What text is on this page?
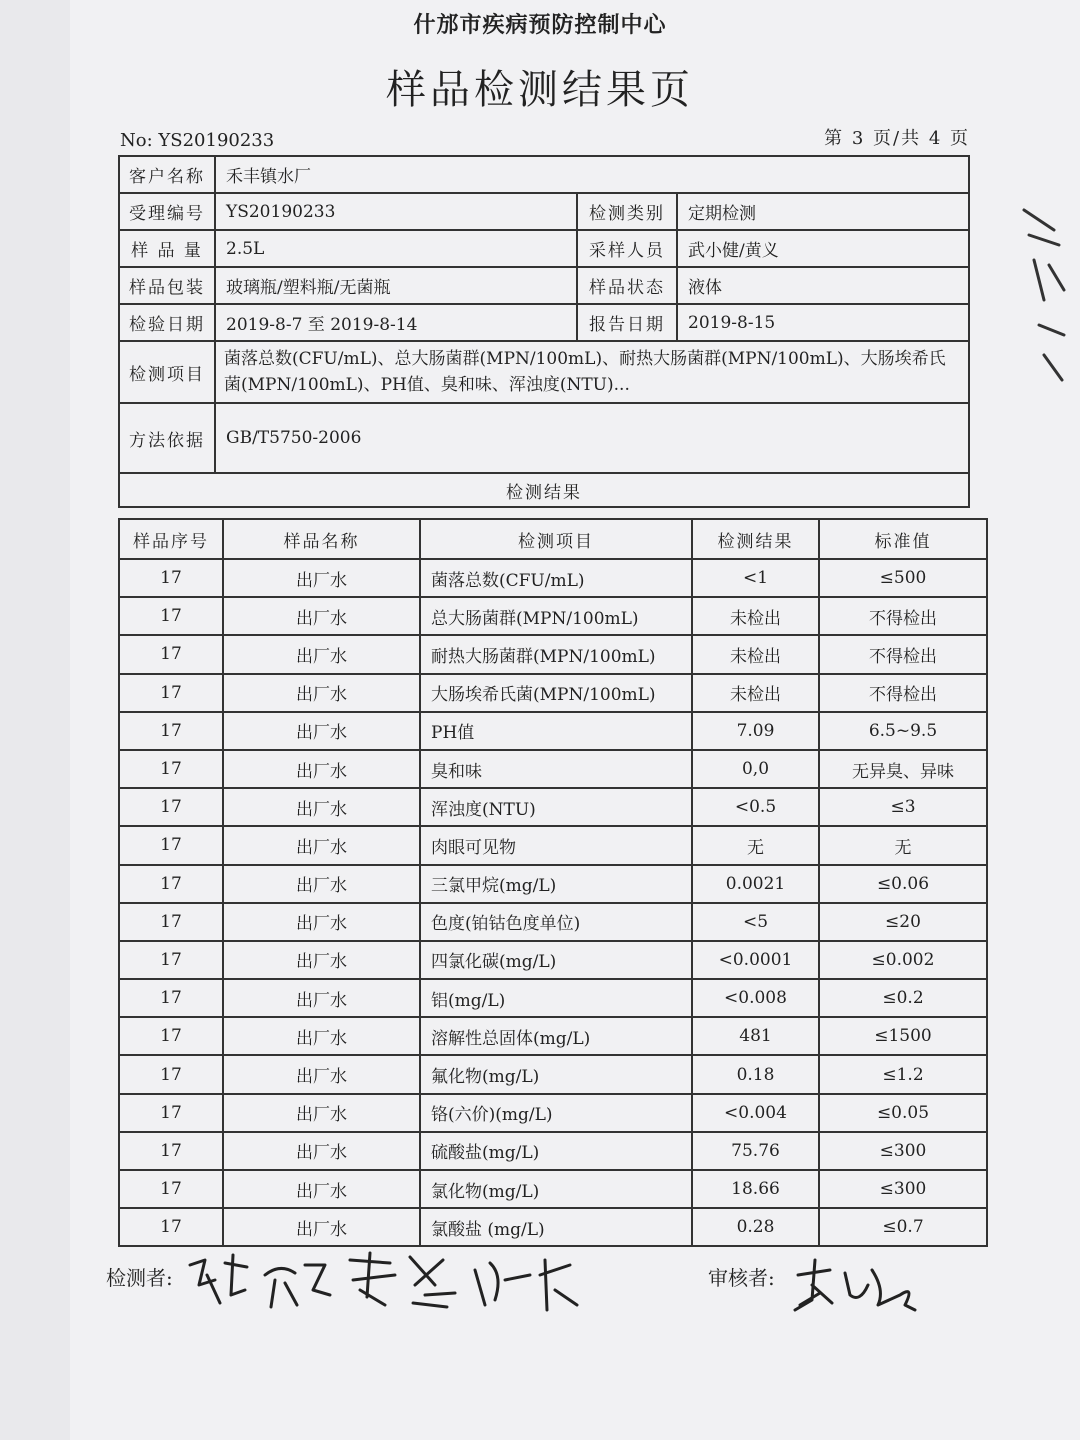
什邡市疾病预防控制中心
样品检测结果页
No: YS20190233	第 3 页/共 4 页
客户名称	禾丰镇水厂		
受理编号	YS20190233	检测类别	定期检测
样 品 量	2.5L	采样人员	武小健/黄义
样品包装	玻璃瓶/塑料瓶/无菌瓶	样品状态	液体
检验日期	2019-8-7 至 2019-8-14	报告日期	2019-8-15
检测项目	菌落总数(CFU/mL)、总大肠菌群(MPN/100mL)、耐热大肠菌群(MPN/100mL)、大肠埃希氏菌(MPN/100mL)、PH值、臭和味、浑浊度(NTU)...		
方法依据	GB/T5750-2006		
检测结果			
样品序号	样品名称	检测项目	检测结果	标准值
17	出厂水	菌落总数(CFU/mL)	<1	≤500
17	出厂水	总大肠菌群(MPN/100mL)	未检出	不得检出
17	出厂水	耐热大肠菌群(MPN/100mL)	未检出	不得检出
17	出厂水	大肠埃希氏菌(MPN/100mL)	未检出	不得检出
17	出厂水	PH值	7.09	6.5~9.5
17	出厂水	臭和味	0,0	无异臭、异味
17	出厂水	浑浊度(NTU)	<0.5	≤3
17	出厂水	肉眼可见物	无	无
17	出厂水	三氯甲烷(mg/L)	0.0021	≤0.06
17	出厂水	色度(铂钴色度单位)	<5	≤20
17	出厂水	四氯化碳(mg/L)	<0.0001	≤0.002
17	出厂水	铝(mg/L)	<0.008	≤0.2
17	出厂水	溶解性总固体(mg/L)	481	≤1500
17	出厂水	氟化物(mg/L)	0.18	≤1.2
17	出厂水	铬(六价)(mg/L)	<0.004	≤0.05
17	出厂水	硫酸盐(mg/L)	75.76	≤300
17	出厂水	氯化物(mg/L)	18.66	≤300
17	出厂水	氯酸盐 (mg/L)	0.28	≤0.7
检测者:	审核者:
